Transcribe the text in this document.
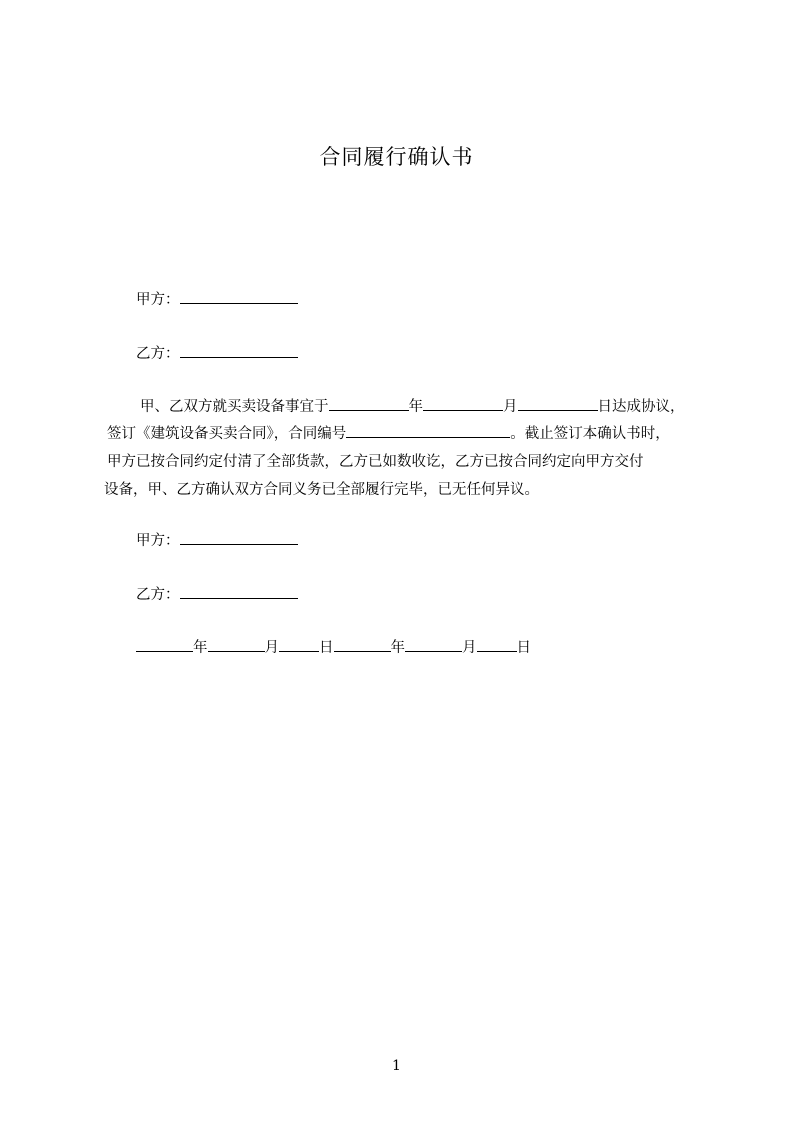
合同履行确认书
甲方：
乙方：
甲、乙双方就买卖设备事宜于	年	月	日达成协议，
签订《建筑设备买卖合同》，合同编号	。截止签订本确认书时，
甲方已按合同约定付清了全部货款，乙方已如数收讫，乙方已按合同约定向甲方交付
设备，甲、乙方确认双方合同义务已全部履行完毕，已无任何异议。
甲方：
乙方：
年	月	日	年	月	日
1
